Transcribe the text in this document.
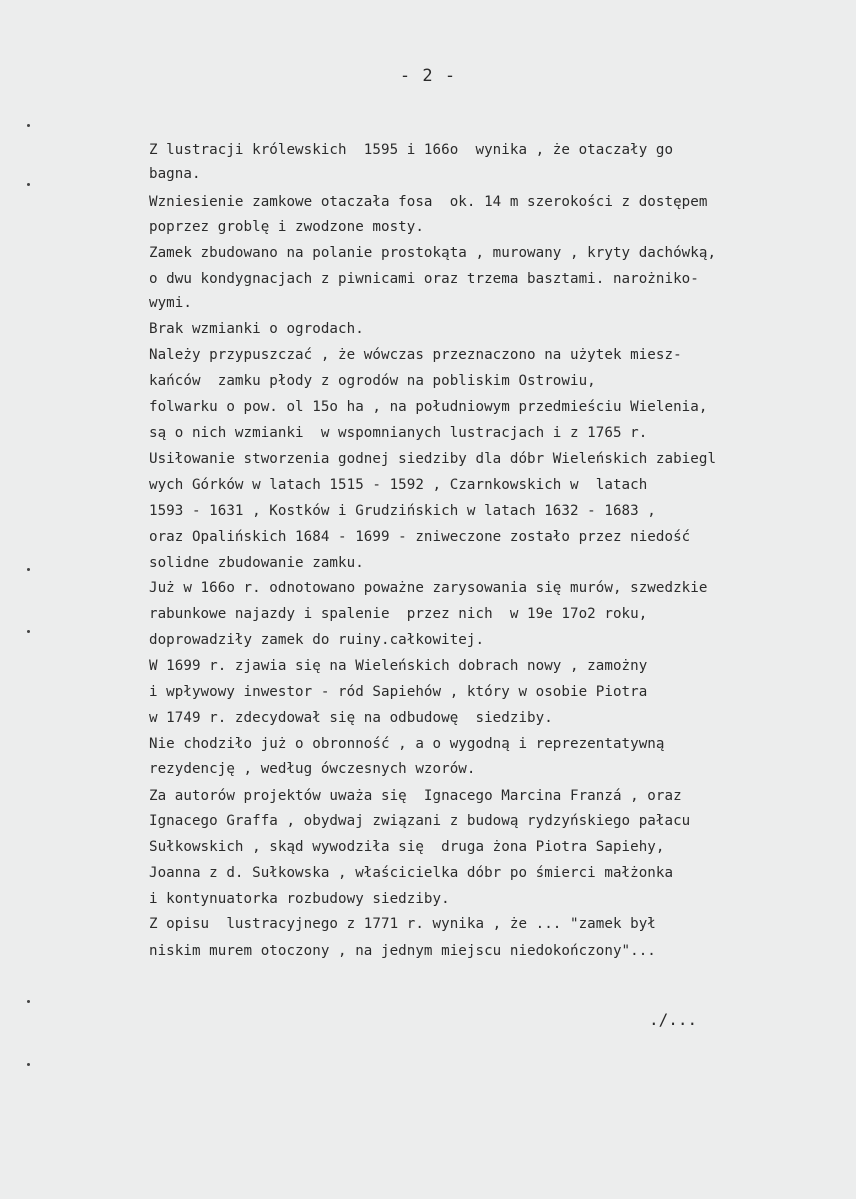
- 2 -
Z lustracji królewskich  1595 i 166o  wynika , że otaczały go
bagna.
Wzniesienie zamkowe otaczała fosa  ok. 14 m szerokości z dostępem
poprzez groblę i zwodzone mosty.
Zamek zbudowano na polanie prostokąta , murowany , kryty dachówką,
o dwu kondygnacjach z piwnicami oraz trzema basztami. narożniko-
wymi.
Brak wzmianki o ogrodach.
Należy przypuszczać , że wówczas przeznaczono na użytek miesz-
kańców  zamku płody z ogrodów na pobliskim Ostrowiu,
folwarku o pow. ol 15o ha , na południowym przedmieściu Wielenia,
są o nich wzmianki  w wspomnianych lustracjach i z 1765 r.
Usiłowanie stworzenia godnej siedziby dla dóbr Wieleńskich zabiegl
wych Górków w latach 1515 - 1592 , Czarnkowskich w  latach
1593 - 1631 , Kostków i Grudzińskich w latach 1632 - 1683 ,
oraz Opalińskich 1684 - 1699 - zniweczone zostało przez niedość
solidne zbudowanie zamku.
Już w 166o r. odnotowano poważne zarysowania się murów, szwedzkie
rabunkowe najazdy i spalenie  przez nich  w 19e 17o2 roku,
doprowadziły zamek do ruiny.całkowitej.
W 1699 r. zjawia się na Wieleńskich dobrach nowy , zamożny
i wpływowy inwestor - ród Sapiehów , który w osobie Piotra
w 1749 r. zdecydował się na odbudowę  siedziby.
Nie chodziło już o obronność , a o wygodną i reprezentatywną
rezydencję , według ówczesnych wzorów.
Za autorów projektów uważa się  Ignacego Marcina Franzá , oraz
Ignacego Graffa , obydwaj związani z budową rydzyńskiego pałacu
Sułkowskich , skąd wywodziła się  druga żona Piotra Sapiehy,
Joanna z d. Sułkowska , właścicielka dóbr po śmierci małżonka
i kontynuatorka rozbudowy siedziby.
Z opisu  lustracyjnego z 1771 r. wynika , że ... "zamek był
niskim murem otoczony , na jednym miejscu niedokończony"...
./...
